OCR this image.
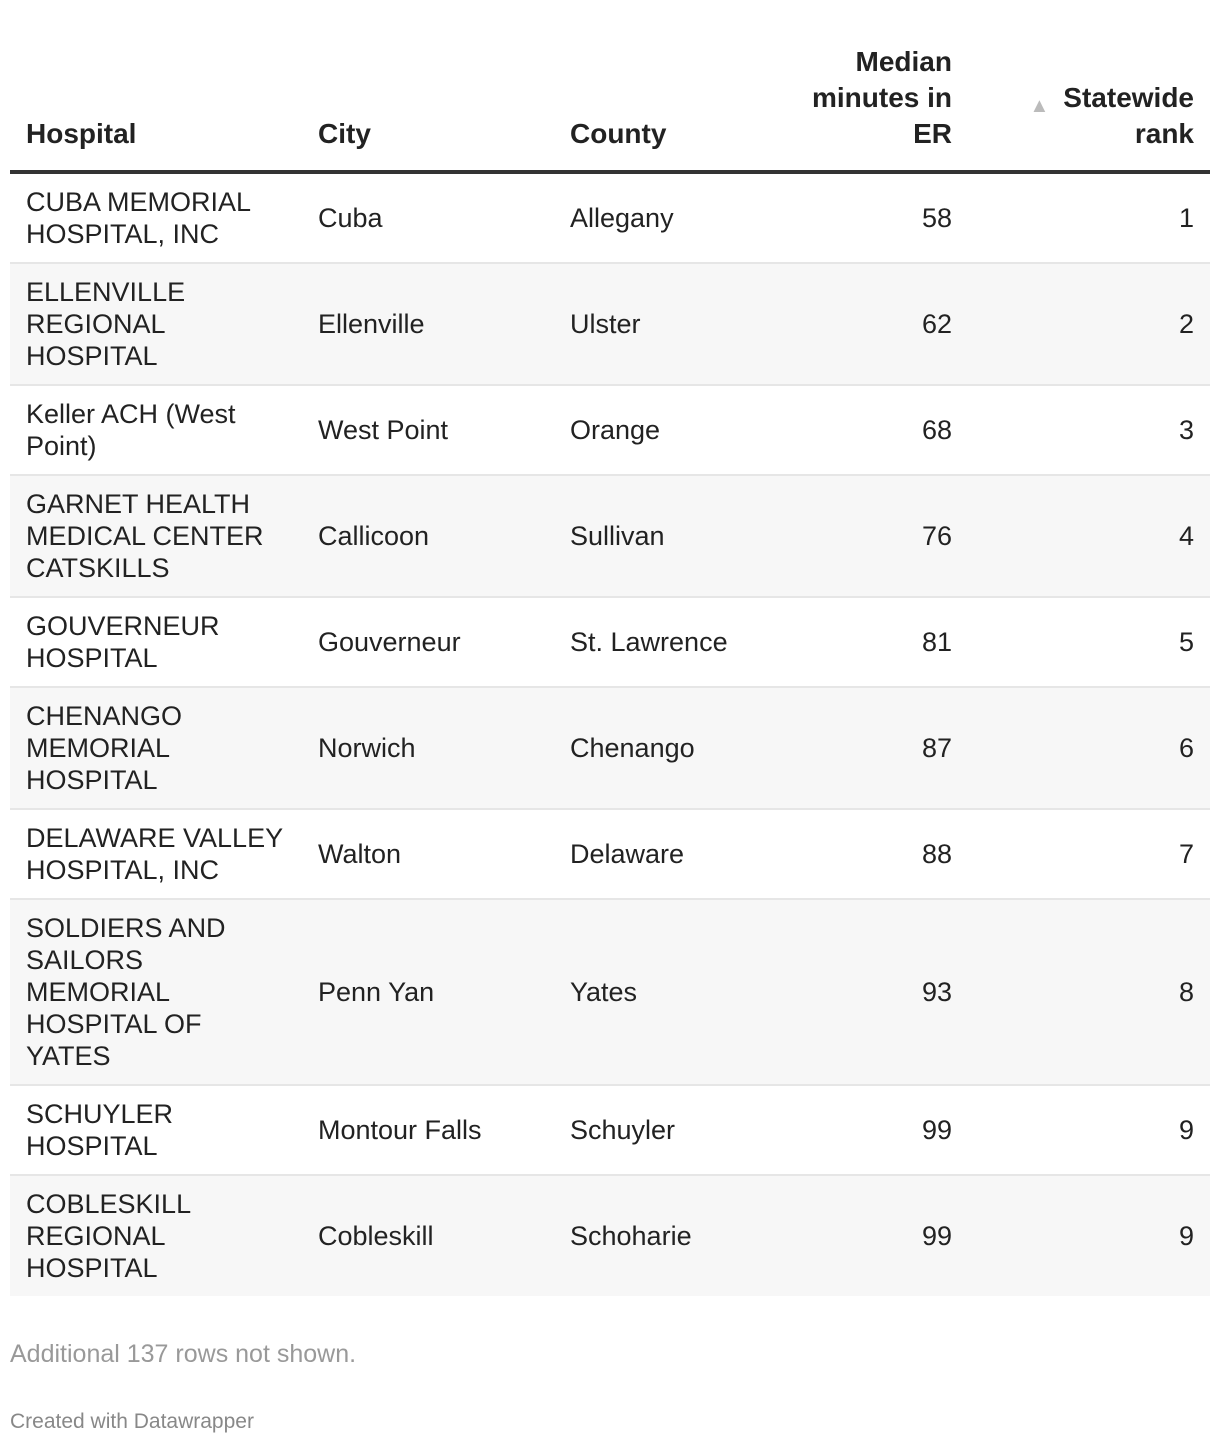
Hospital	City	County	Median minutes in ER	▲ Statewide rank
CUBA MEMORIAL HOSPITAL, INC	Cuba	Allegany	58	1
ELLENVILLE REGIONAL HOSPITAL	Ellenville	Ulster	62	2
Keller ACH (West Point)	West Point	Orange	68	3
GARNET HEALTH MEDICAL CENTER CATSKILLS	Callicoon	Sullivan	76	4
GOUVERNEUR HOSPITAL	Gouverneur	St. Lawrence	81	5
CHENANGO MEMORIAL HOSPITAL	Norwich	Chenango	87	6
DELAWARE VALLEY HOSPITAL, INC	Walton	Delaware	88	7
SOLDIERS AND SAILORS MEMORIAL HOSPITAL OF YATES	Penn Yan	Yates	93	8
SCHUYLER HOSPITAL	Montour Falls	Schuyler	99	9
COBLESKILL REGIONAL HOSPITAL	Cobleskill	Schoharie	99	9
Additional 137 rows not shown.
Created with Datawrapper
